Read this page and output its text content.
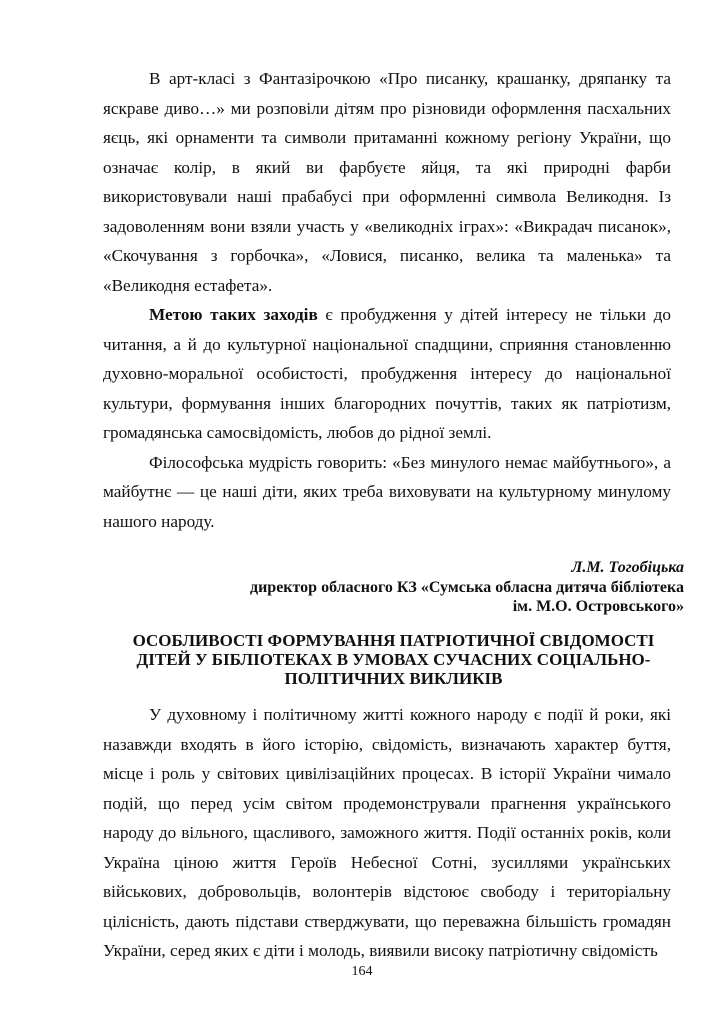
В арт-класі з Фантазірочкою «Про писанку, крашанку, дряпанку та яскраве диво…» ми розповіли дітям про різновиди оформлення пасхальних яєць, які орнаменти та символи притаманні кожному регіону України, що означає колір, в який ви фарбуєте яйця, та які природні фарби використовували наші прабабусі при оформленні символа Великодня. Із задоволенням вони взяли участь у «великодніх іграх»: «Викрадач писанок», «Скочування з горбочка», «Ловися, писанко, велика та маленька» та «Великодня естафета».

Метою таких заходів є пробудження у дітей інтересу не тільки до читання, а й до культурної національної спадщини, сприяння становленню духовно-моральної особистості, пробудження інтересу до національної культури, формування інших благородних почуттів, таких як патріотизм, громадянська самосвідомість, любов до рідної землі.

Філософська мудрість говорить: «Без минулого немає майбутнього», а майбутнє — це наші діти, яких треба виховувати на культурному минулому нашого народу.

Л.М. Тогобіцька
директор обласного КЗ «Сумська обласна дитяча бібліотека
ім. М.О. Островського»
ОСОБЛИВОСТІ ФОРМУВАННЯ ПАТРІОТИЧНОЇ СВІДОМОСТІ
ДІТЕЙ У БІБЛІОТЕКАХ В УМОВАХ СУЧАСНИХ СОЦІАЛЬНО-
ПОЛІТИЧНИХ ВИКЛИКІВ

У духовному і політичному житті кожного народу є події й роки, які назавжди входять в його історію, свідомість, визначають характер буття, місце і роль у світових цивілізаційних процесах. В історії України чимало подій, що перед усім світом продемонстрували прагнення українського народу до вільного, щасливого, заможного життя. Події останніх років, коли Україна ціною життя Героїв Небесної Сотні, зусиллями українських військових, добровольців, волонтерів відстоює свободу і територіальну цілісність, дають підстави стверджувати, що переважна більшість громадян України, серед яких є діти і молодь, виявили високу патріотичну свідомість

164
